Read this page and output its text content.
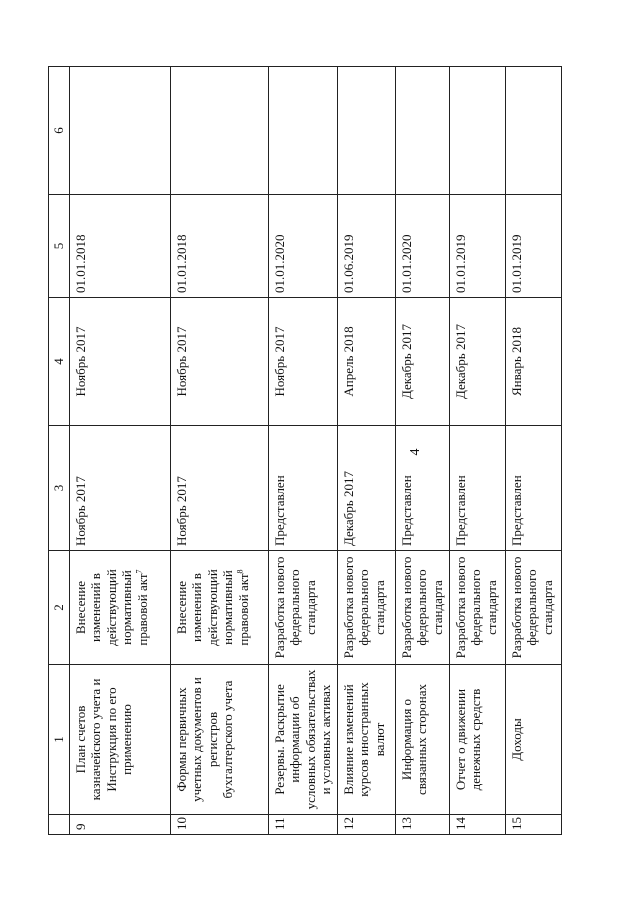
4
	1	2	3	4	5	6
9	План счетов казначейского учета и Инструкция по его применению	Внесение изменений в действующий нормативный правовой акт$^7$	Ноябрь 2017	Ноябрь 2017	01.01.2018	
10	Формы первичных учетных документов и регистров бухгалтерского учета	Внесение изменений в действующий нормативный правовой акт$^8$	Ноябрь 2017	Ноябрь 2017	01.01.2018	
11	Резервы. Раскрытие информации об условных обязательствах и условных активах	Разработка нового федерального стандарта	Представлен	Ноябрь 2017	01.01.2020	
12	Влияние изменений курсов иностранных валют	Разработка нового федерального стандарта	Декабрь 2017	Апрель 2018	01.06.2019	
13	Информация о связанных сторонах	Разработка нового федерального стандарта	Представлен	Декабрь 2017	01.01.2020	
14	Отчет о движении денежных средств	Разработка нового федерального стандарта	Представлен	Декабрь 2017	01.01.2019	
15	Доходы	Разработка нового федерального стандарта	Представлен	Январь 2018	01.01.2019	
